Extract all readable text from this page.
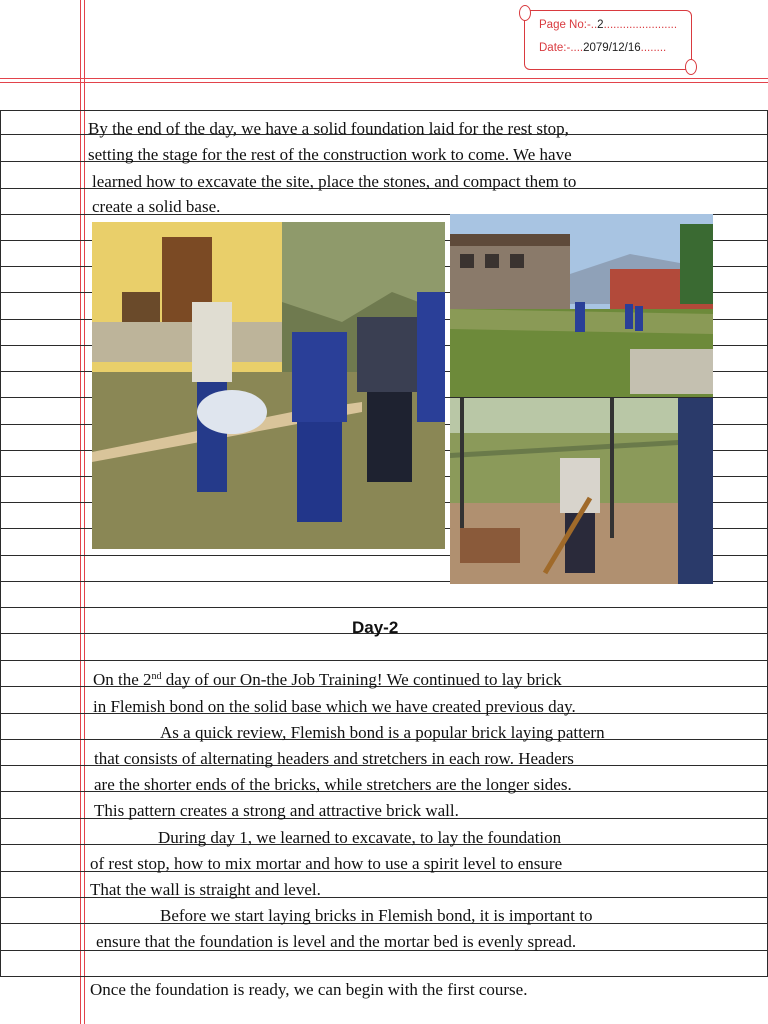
Page No:-..2.......................
Date:-....2079/12/16........
By the end of the day, we have a solid foundation laid for the rest stop,
setting the stage for the rest of the construction work to come. We have
learned how to excavate the site, place the stones, and compact them to
create a solid base.
Day-2
On the 2nd day of our On-the Job Training! We continued to lay brick
in Flemish bond on the solid base which we have created previous day.
As a quick review, Flemish bond is a popular brick laying pattern
that consists of alternating headers and stretchers in each row. Headers
are the shorter ends of the bricks, while stretchers are the longer sides.
This pattern creates a strong and attractive brick wall.
During day 1, we learned to excavate, to lay the foundation
of rest stop, how to mix mortar and how to use a spirit level to ensure
That the wall is straight and level.
Before we start laying bricks in Flemish bond, it is important to
ensure that the foundation is level and the mortar bed is evenly spread.
Once the foundation is ready, we can begin with the first course.
